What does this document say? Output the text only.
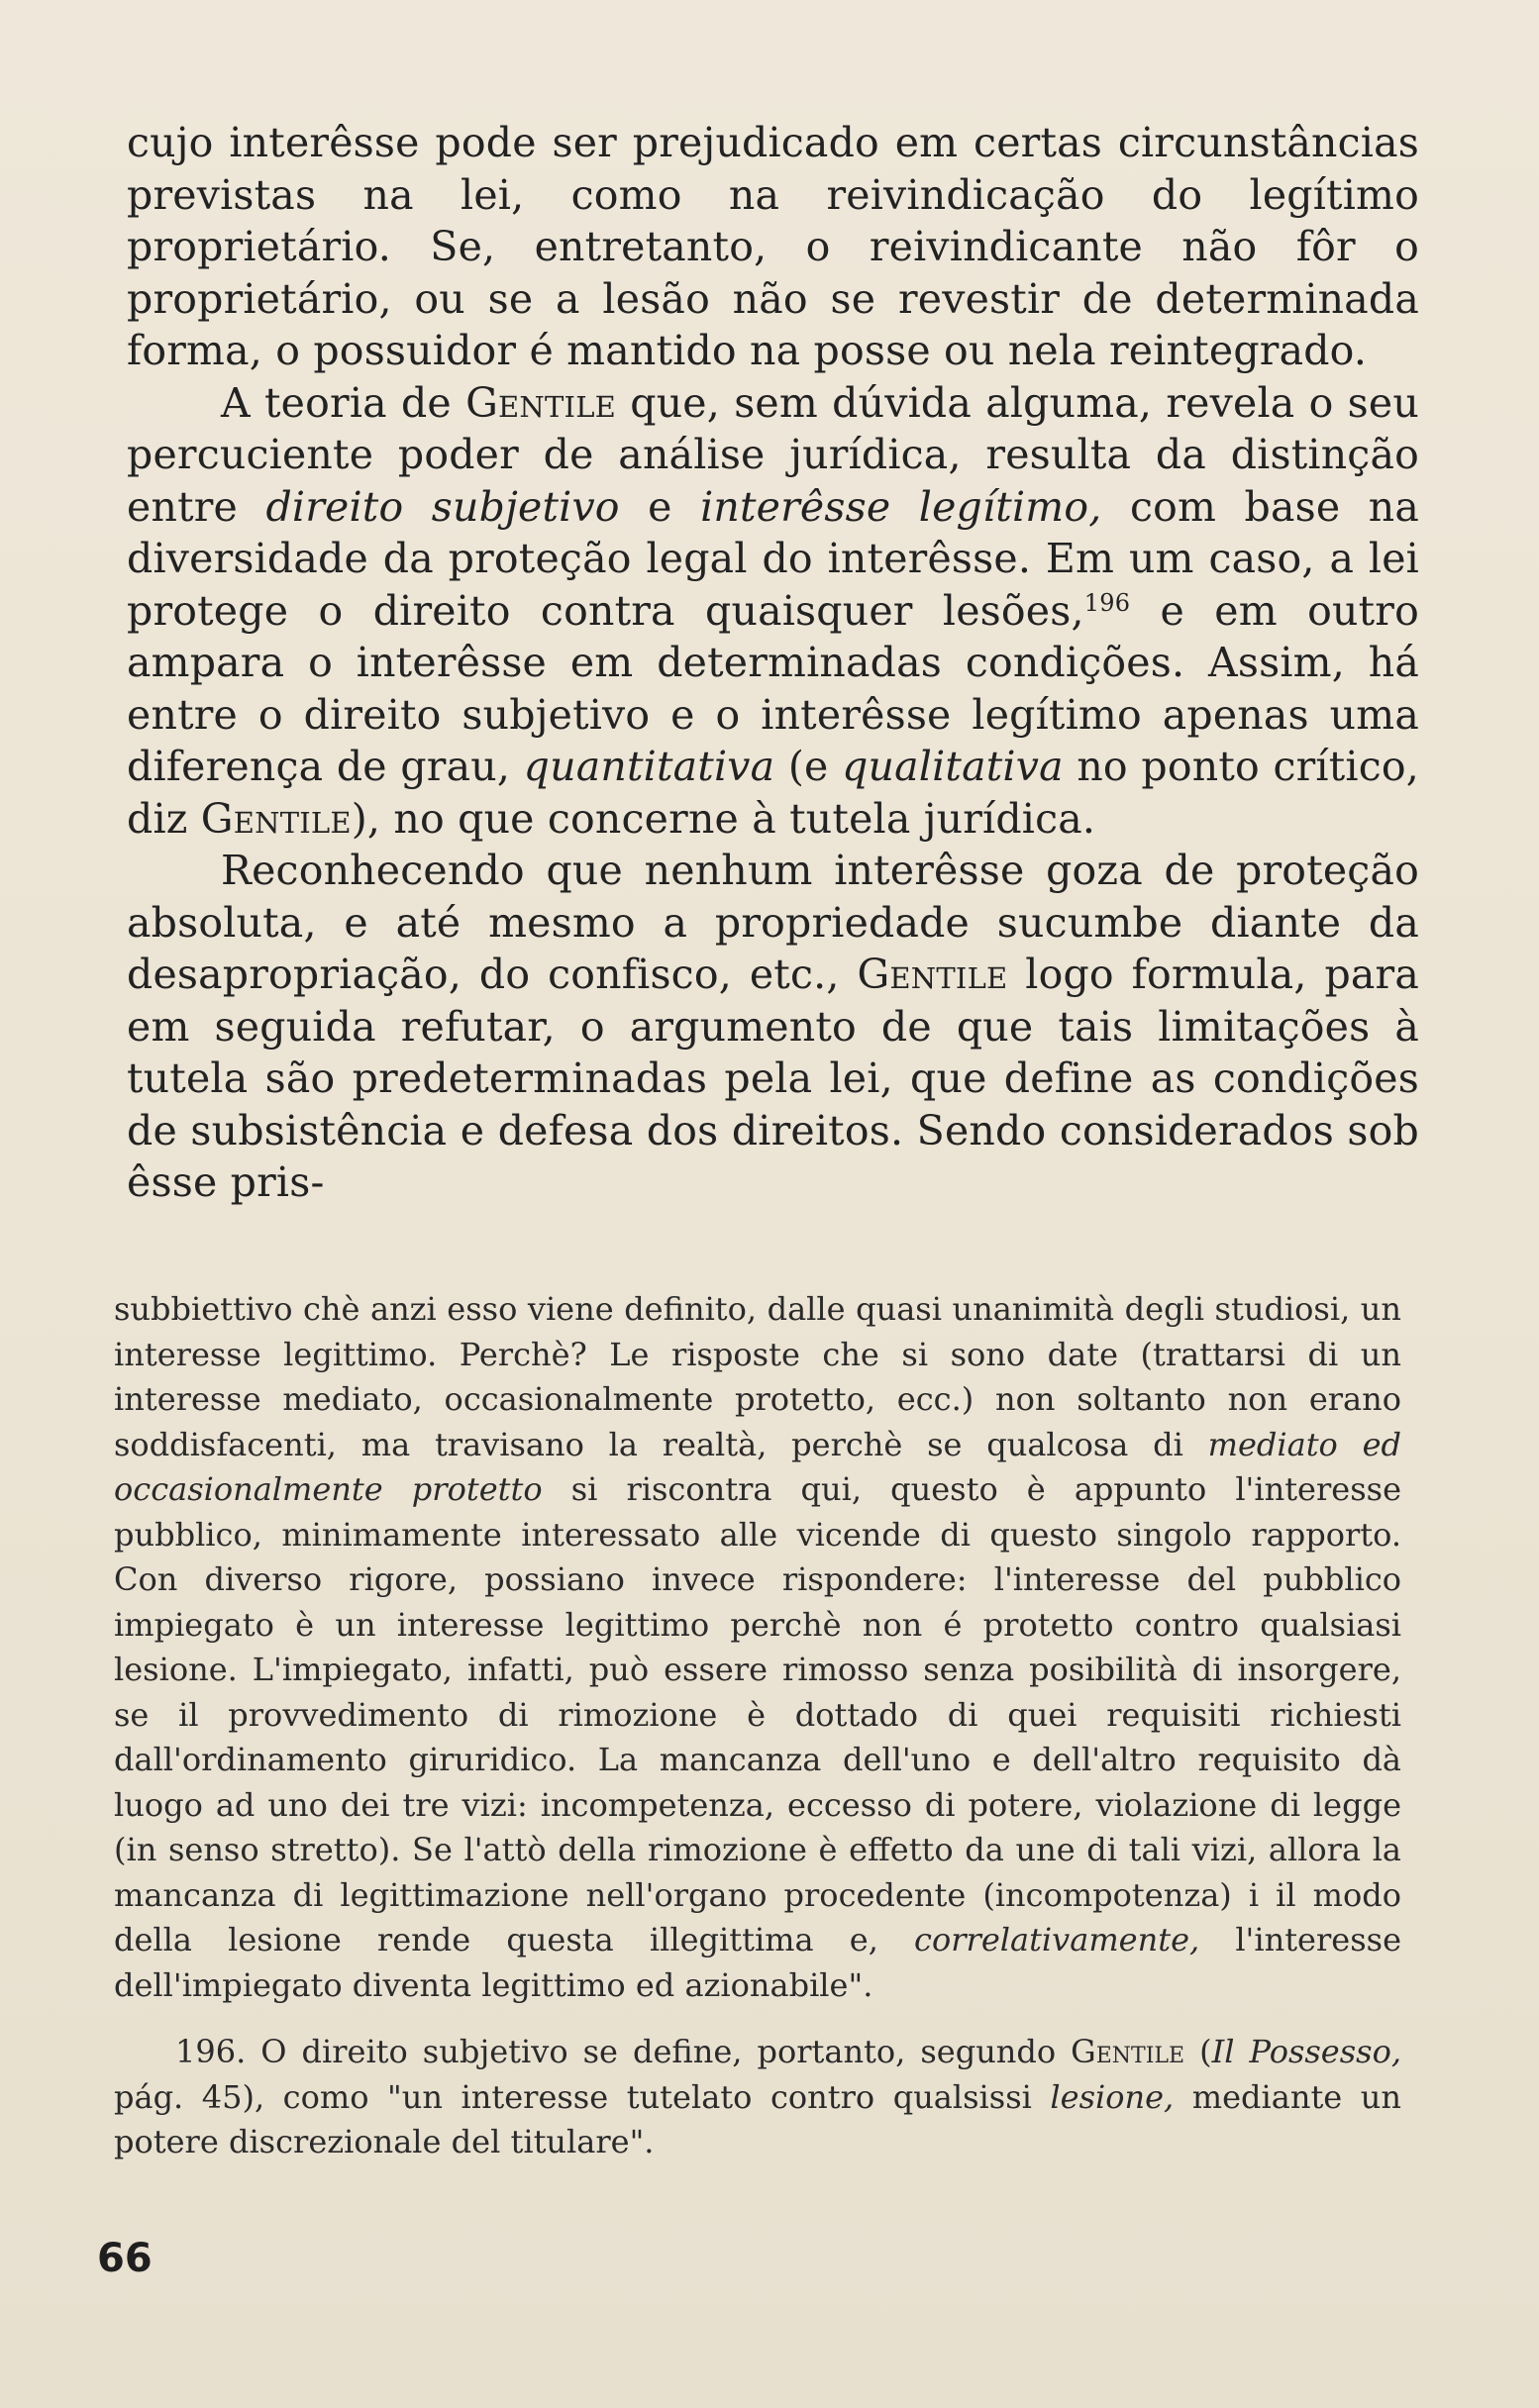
cujo interêsse pode ser prejudicado em certas circunstâncias previstas na lei, como na reivindicação do legítimo proprietário. Se, entretanto, o reivindicante não fôr o proprietário, ou se a lesão não se revestir de determinada forma, o possuidor é mantido na posse ou nela reintegrado.

A teoria de Gentile que, sem dúvida alguma, revela o seu percuciente poder de análise jurídica, resulta da distinção entre direito subjetivo e interêsse legítimo, com base na diversidade da proteção legal do interêsse. Em um caso, a lei protege o direito contra quaisquer lesões,$^{196}$ e em outro ampara o interêsse em determinadas condições. Assim, há entre o direito subjetivo e o interêsse legítimo apenas uma diferença de grau, quantitativa (e qualitativa no ponto crítico, diz Gentile), no que concerne à tutela jurídica.

Reconhecendo que nenhum interêsse goza de proteção absoluta, e até mesmo a propriedade sucumbe diante da desapropriação, do confisco, etc., Gentile logo formula, para em seguida refutar, o argumento de que tais limitações à tutela são predeterminadas pela lei, que define as condições de subsistência e defesa dos direitos. Sendo considerados sob êsse pris-

subbiettivo chè anzi esso viene definito, dalle quasi unanimità degli studiosi, un interesse legittimo. Perchè? Le risposte che si sono date (trattarsi di un interesse mediato, occasionalmente protetto, ecc.) non soltanto non erano soddisfacenti, ma travisano la realtà, perchè se qualcosa di mediato ed occasionalmente protetto si riscontra qui, questo è appunto l'interesse pubblico, minimamente interessato alle vicende di questo singolo rapporto. Con diverso rigore, possiano invece rispondere: l'interesse del pubblico impiegato è un interesse legittimo perchè non é protetto contro qualsiasi lesione. L'impiegato, infatti, può essere rimosso senza posibilità di insorgere, se il provvedimento di rimozione è dottado di quei requisiti richiesti dall'ordinamento giruridico. La mancanza dell'uno e dell'altro requisito dà luogo ad uno dei tre vizi: incompetenza, eccesso di potere, violazione di legge (in senso stretto). Se l'attò della rimozione è effetto da une di tali vizi, allora la mancanza di legittimazione nell'organo procedente (incompotenza) i il modo della lesione rende questa illegittima e, correlativamente, l'interesse dell'impiegato diventa legittimo ed azionabile".

196. O direito subjetivo se define, portanto, segundo Gentile (Il Possesso, pág. 45), como "un interesse tutelato contro qualsissi lesione, mediante un potere discrezionale del titulare".

66
